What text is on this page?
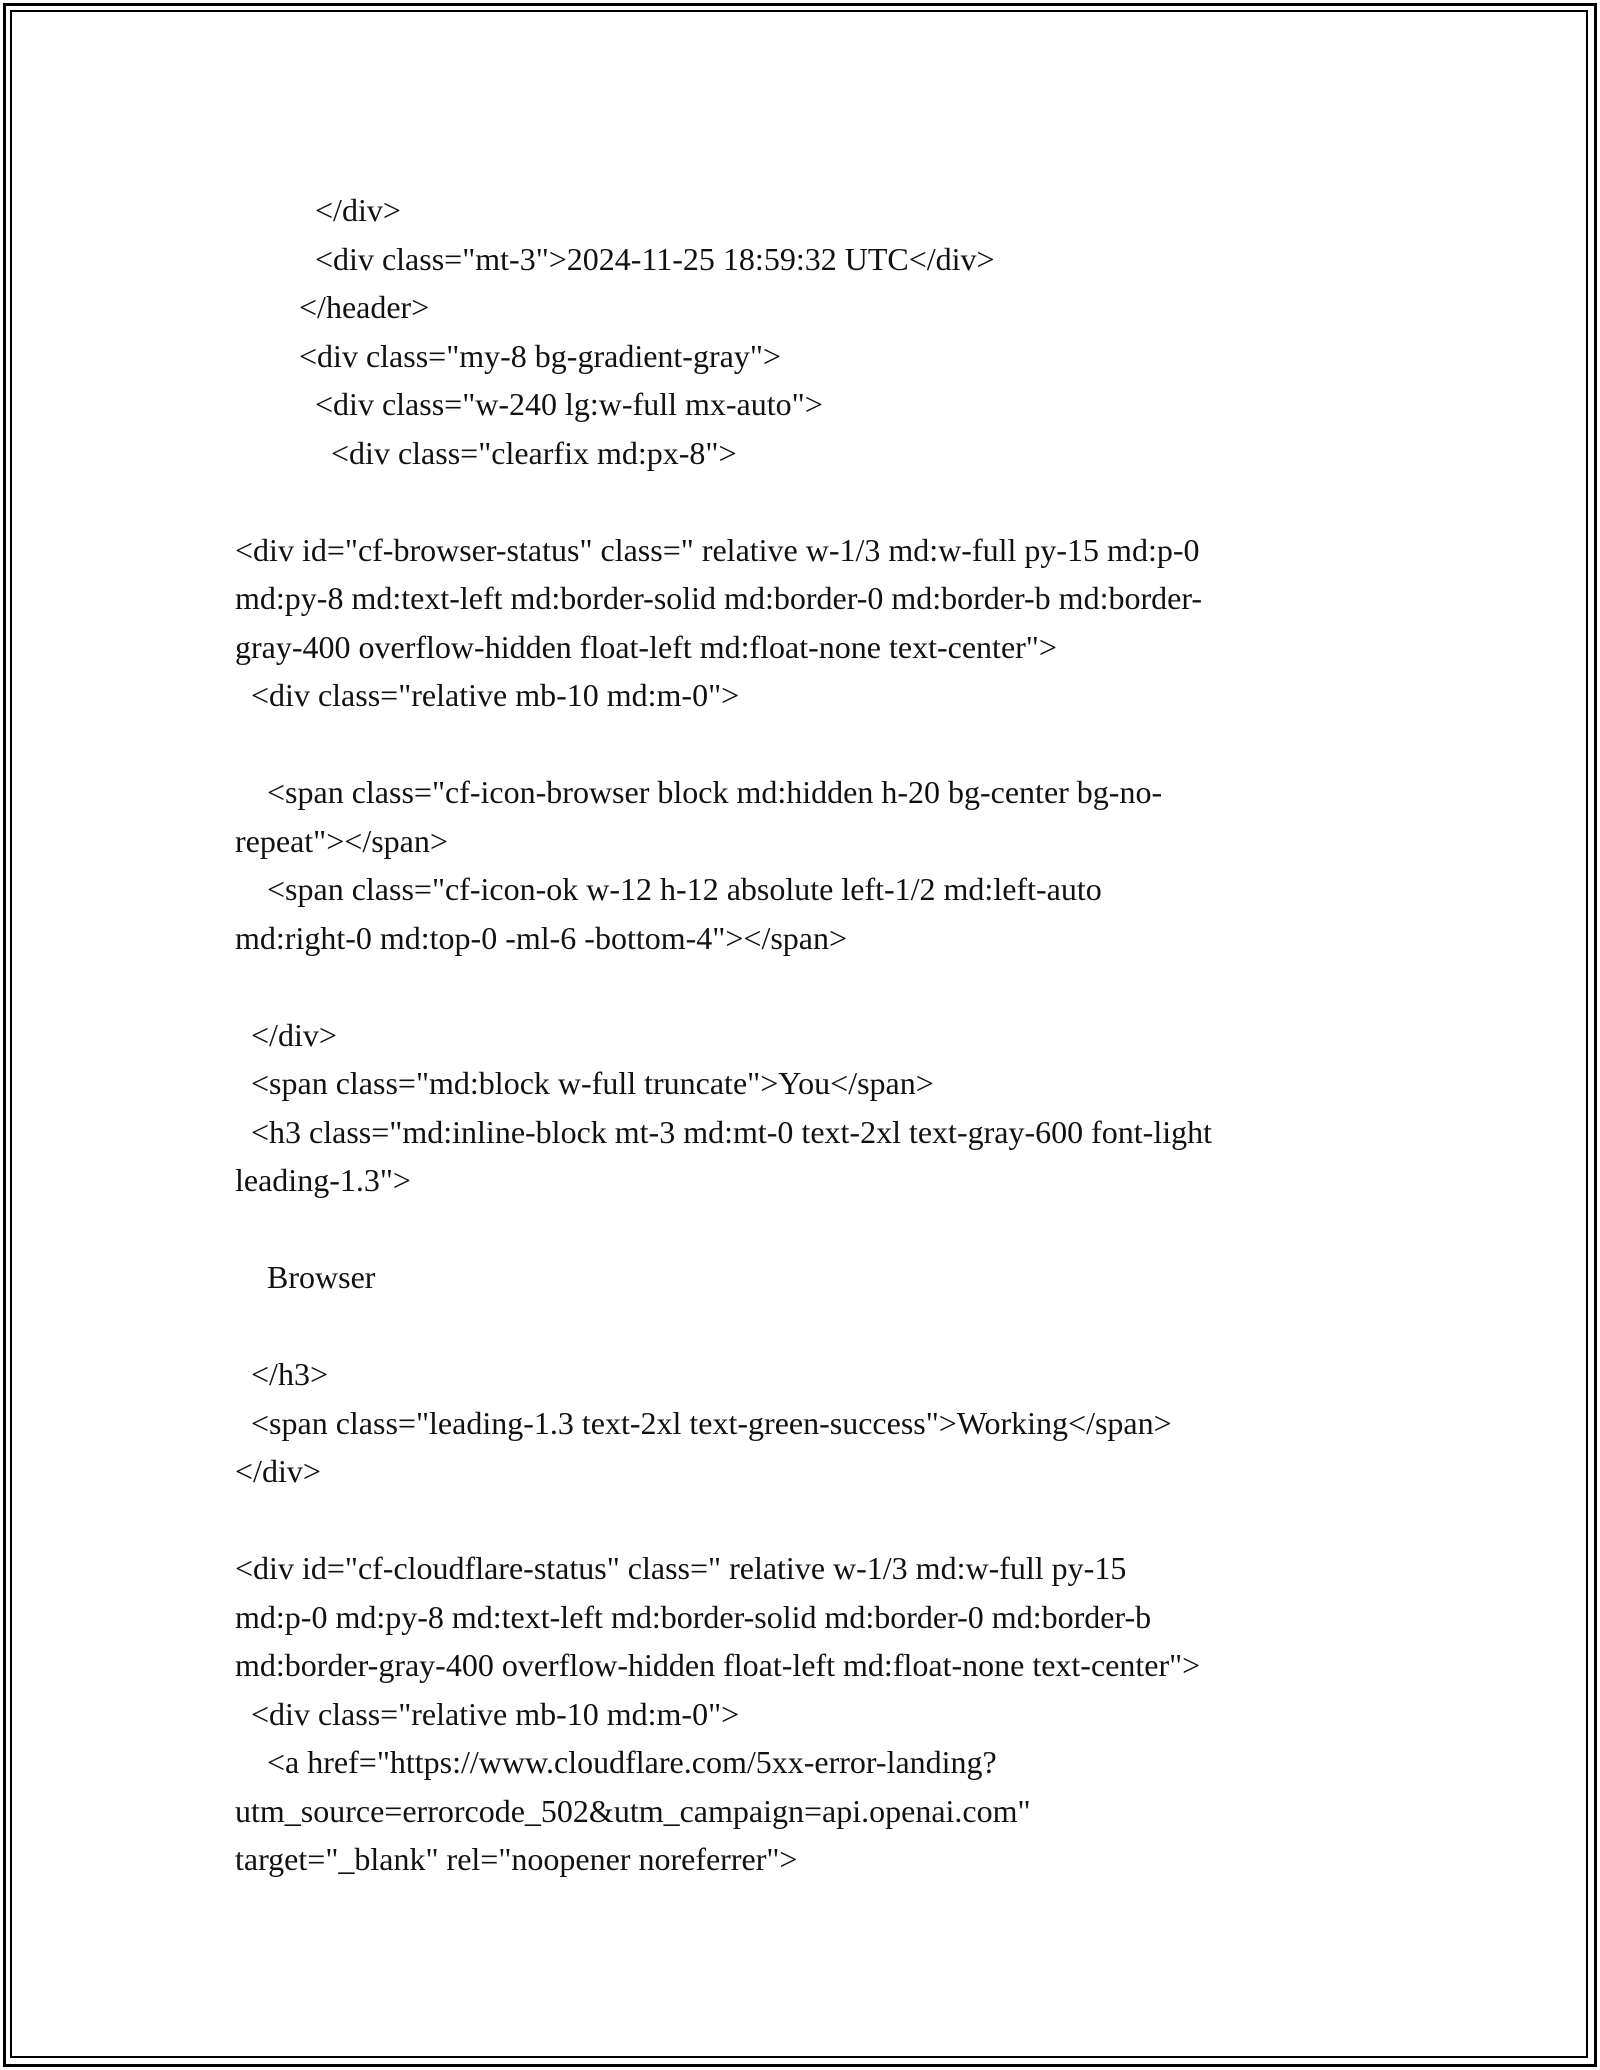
</div>
<div class="mt-3">2024-11-25 18:59:32 UTC</div>
</header>
<div class="my-8 bg-gradient-gray">
<div class="w-240 lg:w-full mx-auto">
<div class="clearfix md:px-8">
<div id="cf-browser-status" class=" relative w-1/3 md:w-full py-15 md:p-0
md:py-8 md:text-left md:border-solid md:border-0 md:border-b md:border-
gray-400 overflow-hidden float-left md:float-none text-center">
<div class="relative mb-10 md:m-0">
<span class="cf-icon-browser block md:hidden h-20 bg-center bg-no-
repeat"></span>
<span class="cf-icon-ok w-12 h-12 absolute left-1/2 md:left-auto
md:right-0 md:top-0 -ml-6 -bottom-4"></span>
</div>
<span class="md:block w-full truncate">You</span>
<h3 class="md:inline-block mt-3 md:mt-0 text-2xl text-gray-600 font-light
leading-1.3">
Browser
</h3>
<span class="leading-1.3 text-2xl text-green-success">Working</span>
</div>
<div id="cf-cloudflare-status" class=" relative w-1/3 md:w-full py-15
md:p-0 md:py-8 md:text-left md:border-solid md:border-0 md:border-b
md:border-gray-400 overflow-hidden float-left md:float-none text-center">
<div class="relative mb-10 md:m-0">
<a href="https://www.cloudflare.com/5xx-error-landing?
utm_source=errorcode_502&utm_campaign=api.openai.com"
target="_blank" rel="noopener noreferrer">
